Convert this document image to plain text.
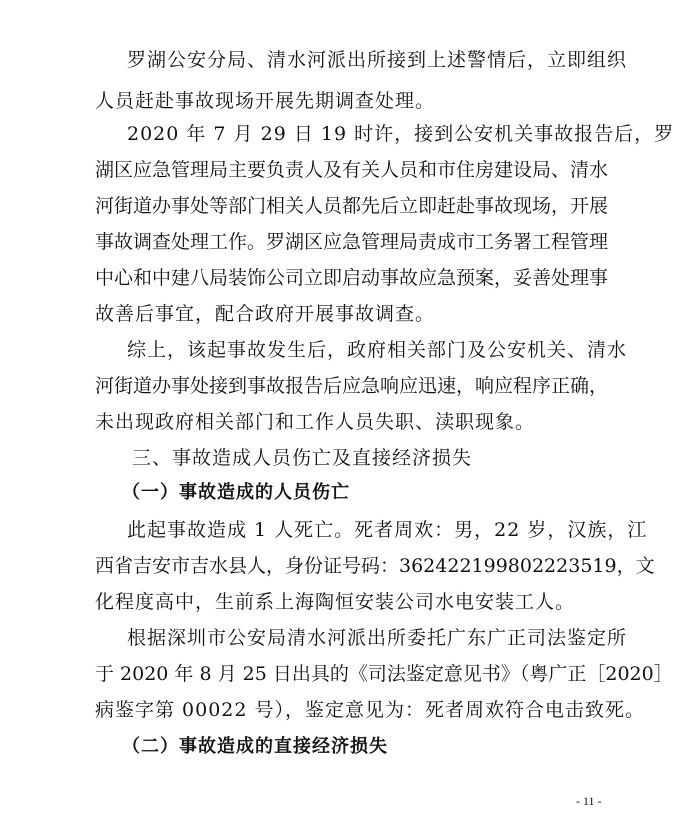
罗湖公安分局、清水河派出所接到上述警情后，立即组织
人员赶赴事故现场开展先期调查处理。
2020 年 7 月 29 日 19 时许，接到公安机关事故报告后，罗
湖区应急管理局主要负责人及有关人员和市住房建设局、清水
河街道办事处等部门相关人员都先后立即赶赴事故现场，开展
事故调查处理工作。罗湖区应急管理局责成市工务署工程管理
中心和中建八局装饰公司立即启动事故应急预案，妥善处理事
故善后事宜，配合政府开展事故调查。
综上，该起事故发生后，政府相关部门及公安机关、清水
河街道办事处接到事故报告后应急响应迅速，响应程序正确，
未出现政府相关部门和工作人员失职、渎职现象。
三、事故造成人员伤亡及直接经济损失
（一）事故造成的人员伤亡
此起事故造成 1 人死亡。死者周欢：男，22 岁，汉族，江
西省吉安市吉水县人，身份证号码：362422199802223519，文
化程度高中，生前系上海陶恒安装公司水电安装工人。
根据深圳市公安局清水河派出所委托广东广正司法鉴定所
于 2020 年 8 月 25 日出具的《司法鉴定意见书》（粤广正［2020］
病鉴字第 00022 号），鉴定意见为：死者周欢符合电击致死。
（二）事故造成的直接经济损失
- 11 -
